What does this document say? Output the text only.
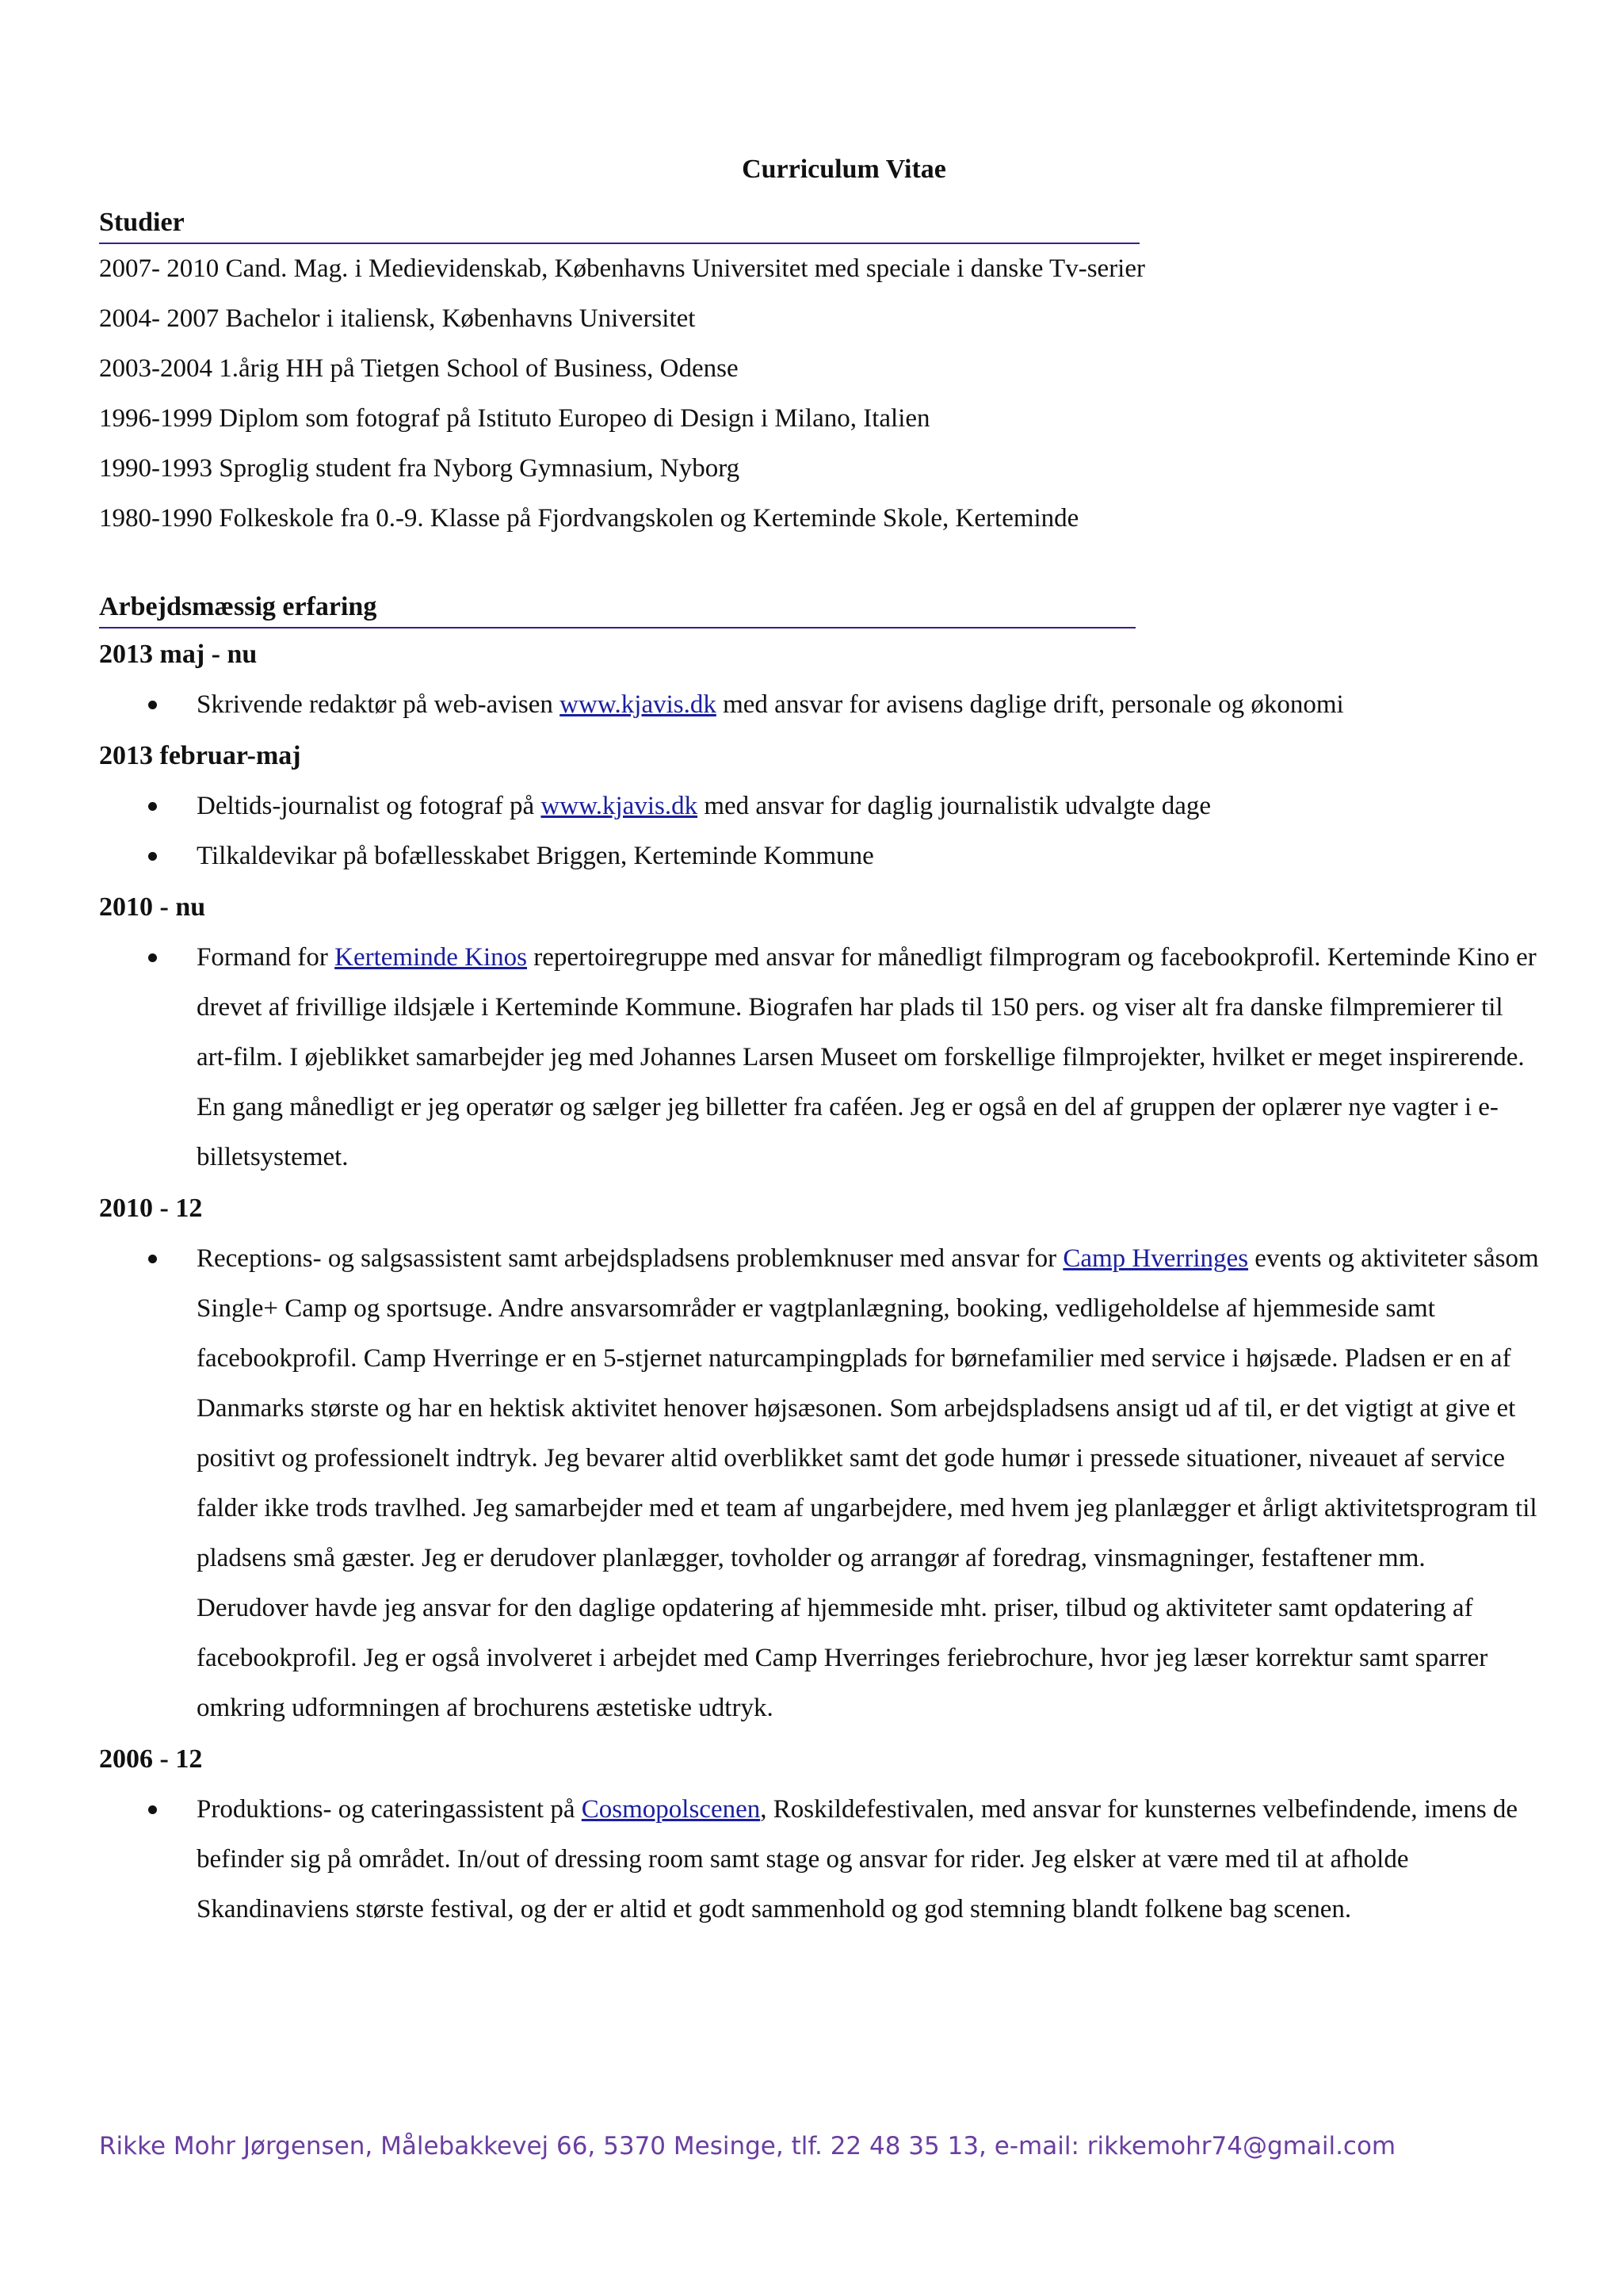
Curriculum Vitae
Studier
2007- 2010 Cand. Mag. i Medievidenskab, Københavns Universitet med speciale i danske Tv-serier
2004- 2007 Bachelor i italiensk, Københavns Universitet
2003-2004 1.årig HH på Tietgen School of Business, Odense
1996-1999 Diplom som fotograf på Istituto Europeo di Design i Milano, Italien
1990-1993 Sproglig student fra Nyborg Gymnasium, Nyborg
1980-1990 Folkeskole fra 0.-9. Klasse på Fjordvangskolen og Kerteminde Skole, Kerteminde
Arbejdsmæssig erfaring
2013 maj - nu
Skrivende redaktør på web-avisen www.kjavis.dk med ansvar for avisens daglige drift, personale og økonomi
2013 februar-maj
Deltids-journalist og fotograf på www.kjavis.dk med ansvar for daglig journalistik udvalgte dage
Tilkaldevikar på bofællesskabet Briggen, Kerteminde Kommune
2010 - nu
Formand for Kerteminde Kinos repertoiregruppe med ansvar for månedligt filmprogram og facebookprofil. Kerteminde Kino er drevet af frivillige ildsjæle i Kerteminde Kommune. Biografen har plads til 150 pers. og viser alt fra danske filmpremierer til art-film. I øjeblikket samarbejder jeg med Johannes Larsen Museet om forskellige filmprojekter, hvilket er meget inspirerende. En gang månedligt er jeg operatør og sælger jeg billetter fra caféen. Jeg er også en del af gruppen der oplærer nye vagter i e-billetsystemet.
2010 - 12
Receptions- og salgsassistent samt arbejdspladsens problemknuser med ansvar for Camp Hverringes events og aktiviteter såsom Single+ Camp og sportsuge. Andre ansvarsområder er vagtplanlægning, booking, vedligeholdelse af hjemmeside samt facebookprofil. Camp Hverringe er en 5-stjernet naturcampingplads for børnefamilier med service i højsæde. Pladsen er en af Danmarks største og har en hektisk aktivitet henover højsæsonen. Som arbejdspladsens ansigt ud af til, er det vigtigt at give et positivt og professionelt indtryk. Jeg bevarer altid overblikket samt det gode humør i pressede situationer, niveauet af service falder ikke trods travlhed. Jeg samarbejder med et team af ungarbejdere, med hvem jeg planlægger et årligt aktivitetsprogram til pladsens små gæster. Jeg er derudover planlægger, tovholder og arrangør af foredrag, vinsmagninger, festaftener mm. Derudover havde jeg ansvar for den daglige opdatering af hjemmeside mht. priser, tilbud og aktiviteter samt opdatering af facebookprofil. Jeg er også involveret i arbejdet med Camp Hverringes feriebrochure, hvor jeg læser korrektur samt sparrer omkring udformningen af brochurens æstetiske udtryk.
2006 - 12
Produktions- og cateringassistent på Cosmopolscenen, Roskildefestivalen, med ansvar for kunsternes velbefindende, imens de befinder sig på området. In/out of dressing room samt stage og ansvar for rider. Jeg elsker at være med til at afholde Skandinaviens største festival, og der er altid et godt sammenhold og god stemning blandt folkene bag scenen.
Rikke Mohr Jørgensen, Målebakkevej 66, 5370 Mesinge, tlf. 22 48 35 13, e-mail: rikkemohr74@gmail.com
